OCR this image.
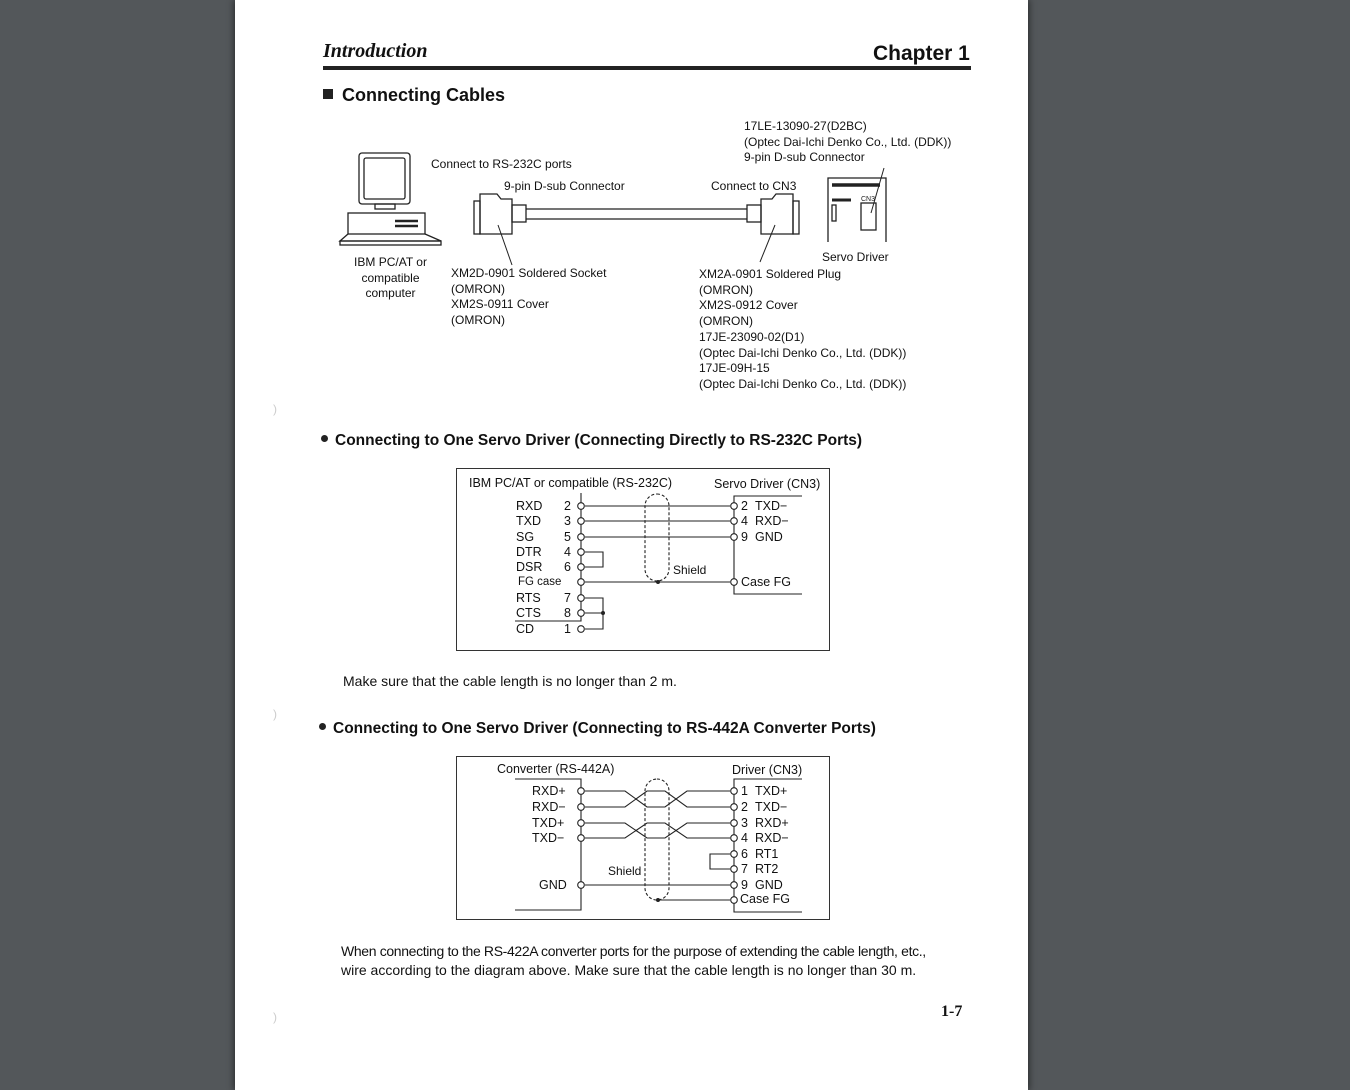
Introduction	Chapter 1
Connecting Cables
CN3
Connect to RS-232C ports
9-pin D-sub Connector	Connect to CN3
Servo Driver
IBM PC/AT or
compatible
computer
17LE-13090-27(D2BC)
(Optec Dai-Ichi Denko Co., Ltd. (DDK))
9-pin D-sub Connector
XM2D-0901 Soldered Socket
(OMRON)
XM2S-0911 Cover
(OMRON)
XM2A-0901 Soldered Plug
(OMRON)
XM2S-0912 Cover
(OMRON)
17JE-23090-02(D1)
(Optec Dai-Ichi Denko Co., Ltd. (DDK))
17JE-09H-15
(Optec Dai-Ichi Denko Co., Ltd. (DDK))
Connecting to One Servo Driver (Connecting Directly to RS-232C Ports)
IBM PC/AT or compatible (RS-232C)	Servo Driver (CN3)
RXD 2
TXD 3
SG 5
DTR 4
DSR 6
FG case
RTS 7
CTS 8
CD 1
2 TXD−
4 RXD−
9 GND
Case FG
Shield
Make sure that the cable length is no longer than 2 m.
Connecting to One Servo Driver (Connecting to RS-442A Converter Ports)
Converter (RS-442A)	Driver (CN3)
RXD+
RXD−
TXD+
TXD−
GND
1 TXD+
2 TXD−
3 RXD+
4 RXD−
6 RT1
7 RT2
9 GND
Case FG
Shield
When connecting to the RS-422A converter ports for the purpose of extending the cable length, etc.,
wire according to the diagram above. Make sure that the cable length is no longer than 30 m.
1-7
)
)
)
